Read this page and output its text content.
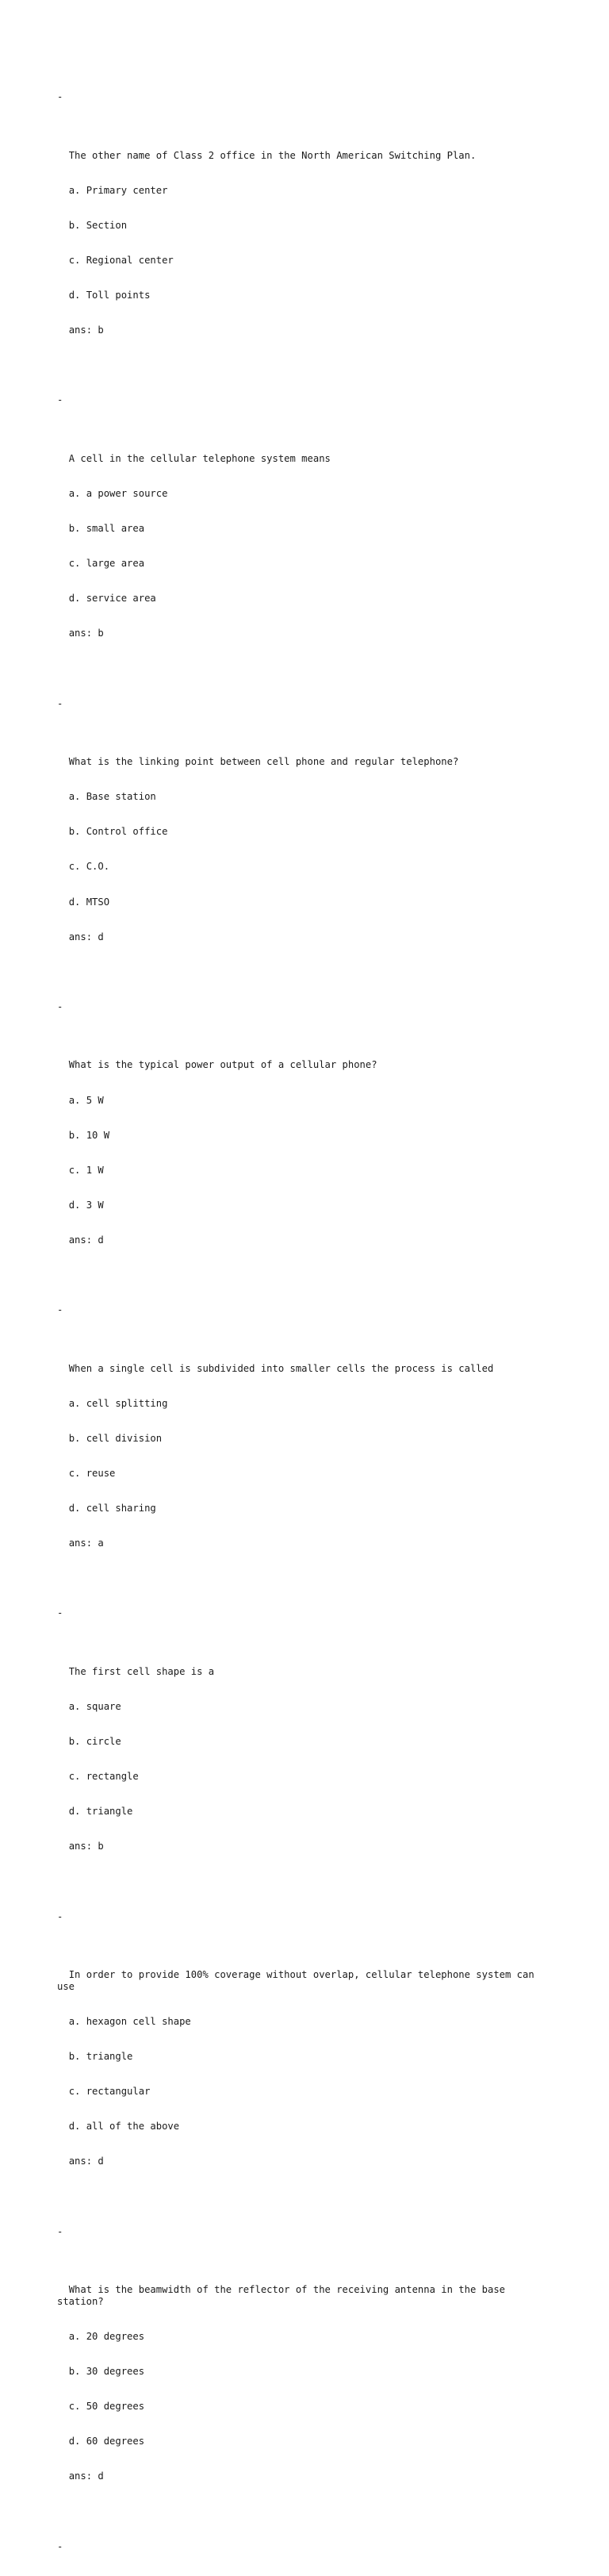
-

The other name of Class 2 office in the North American Switching Plan.

a. Primary center

b. Section

c. Regional center

d. Toll points

ans: b

-

A cell in the cellular telephone system means

a. a power source

b. small area

c. large area

d. service area

ans: b

-

What is the linking point between cell phone and regular telephone?

a. Base station

b. Control office

c. C.O.

d. MTSO

ans: d

-

What is the typical power output of a cellular phone?

a. 5 W

b. 10 W

c. 1 W

d. 3 W

ans: d

-

When a single cell is subdivided into smaller cells the process is called

a. cell splitting

b. cell division

c. reuse

d. cell sharing

ans: a

-

The first cell shape is a

a. square

b. circle

c. rectangle

d. triangle

ans: b

-

In order to provide 100% coverage without overlap, cellular telephone system can
use

a. hexagon cell shape

b. triangle

c. rectangular

d. all of the above

ans: d

-

What is the beamwidth of the reflector of the receiving antenna in the base
station?

a. 20 degrees

b. 30 degrees

c. 50 degrees

d. 60 degrees

ans: d

-
